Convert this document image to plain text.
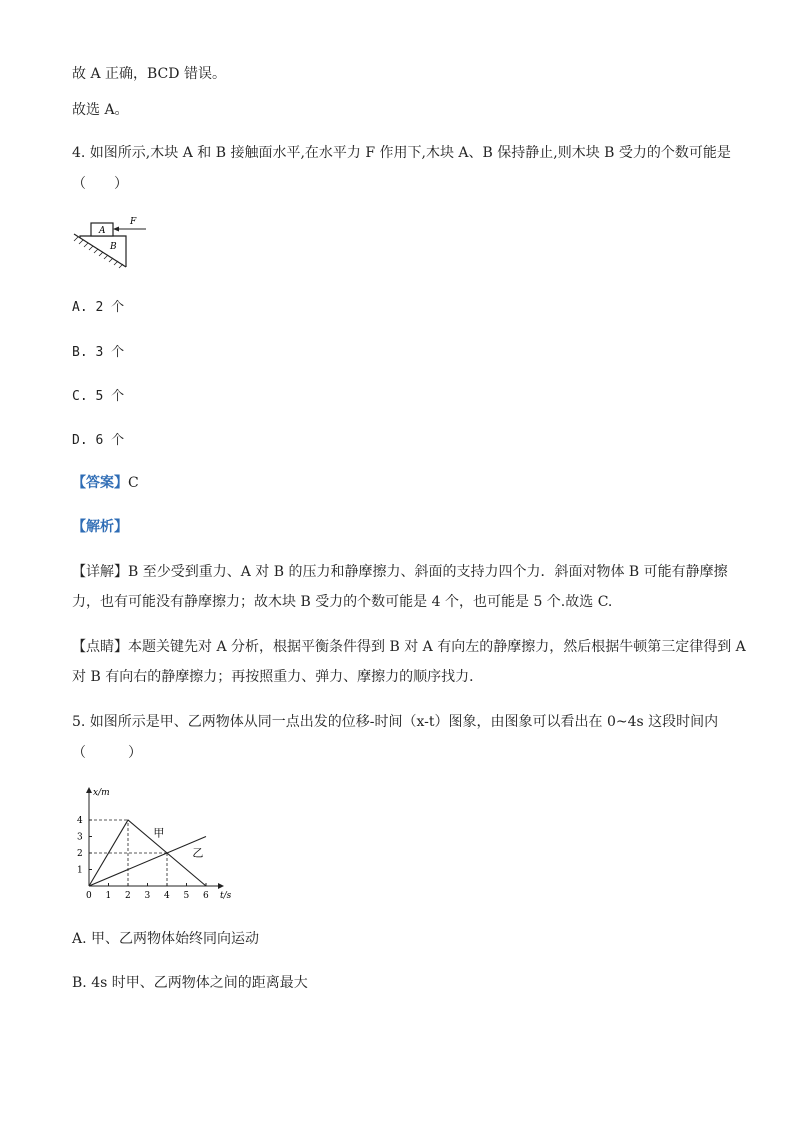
故 A 正确，BCD 错误。
故选 A。
4. 如图所示,木块 A 和 B 接触面水平,在水平力 F 作用下,木块 A、B 保持静止,则木块 B 受力的个数可能是
（　　）
A
B
F
A. 2 个
B. 3 个
C. 5 个
D. 6 个
【答案】C
【解析】
【详解】B 至少受到重力、A 对 B 的压力和静摩擦力、斜面的支持力四个力．斜面对物体 B 可能有静摩擦
力，也有可能没有静摩擦力；故木块 B 受力的个数可能是 4 个，也可能是 5 个.故选 C.
【点睛】本题关键先对 A 分析，根据平衡条件得到 B 对 A 有向左的静摩擦力，然后根据牛顿第三定律得到 A
对 B 有向右的静摩擦力；再按照重力、弹力、摩擦力的顺序找力．
5. 如图所示是甲、乙两物体从同一点出发的位移-时间（x-t）图象，由图象可以看出在 0~4s 这段时间内
（　　　）
0 1 2 3 4 5 6
1
2
3
4
x/m
t/s
甲
乙
A. 甲、乙两物体始终同向运动
B. 4s 时甲、乙两物体之间的距离最大
